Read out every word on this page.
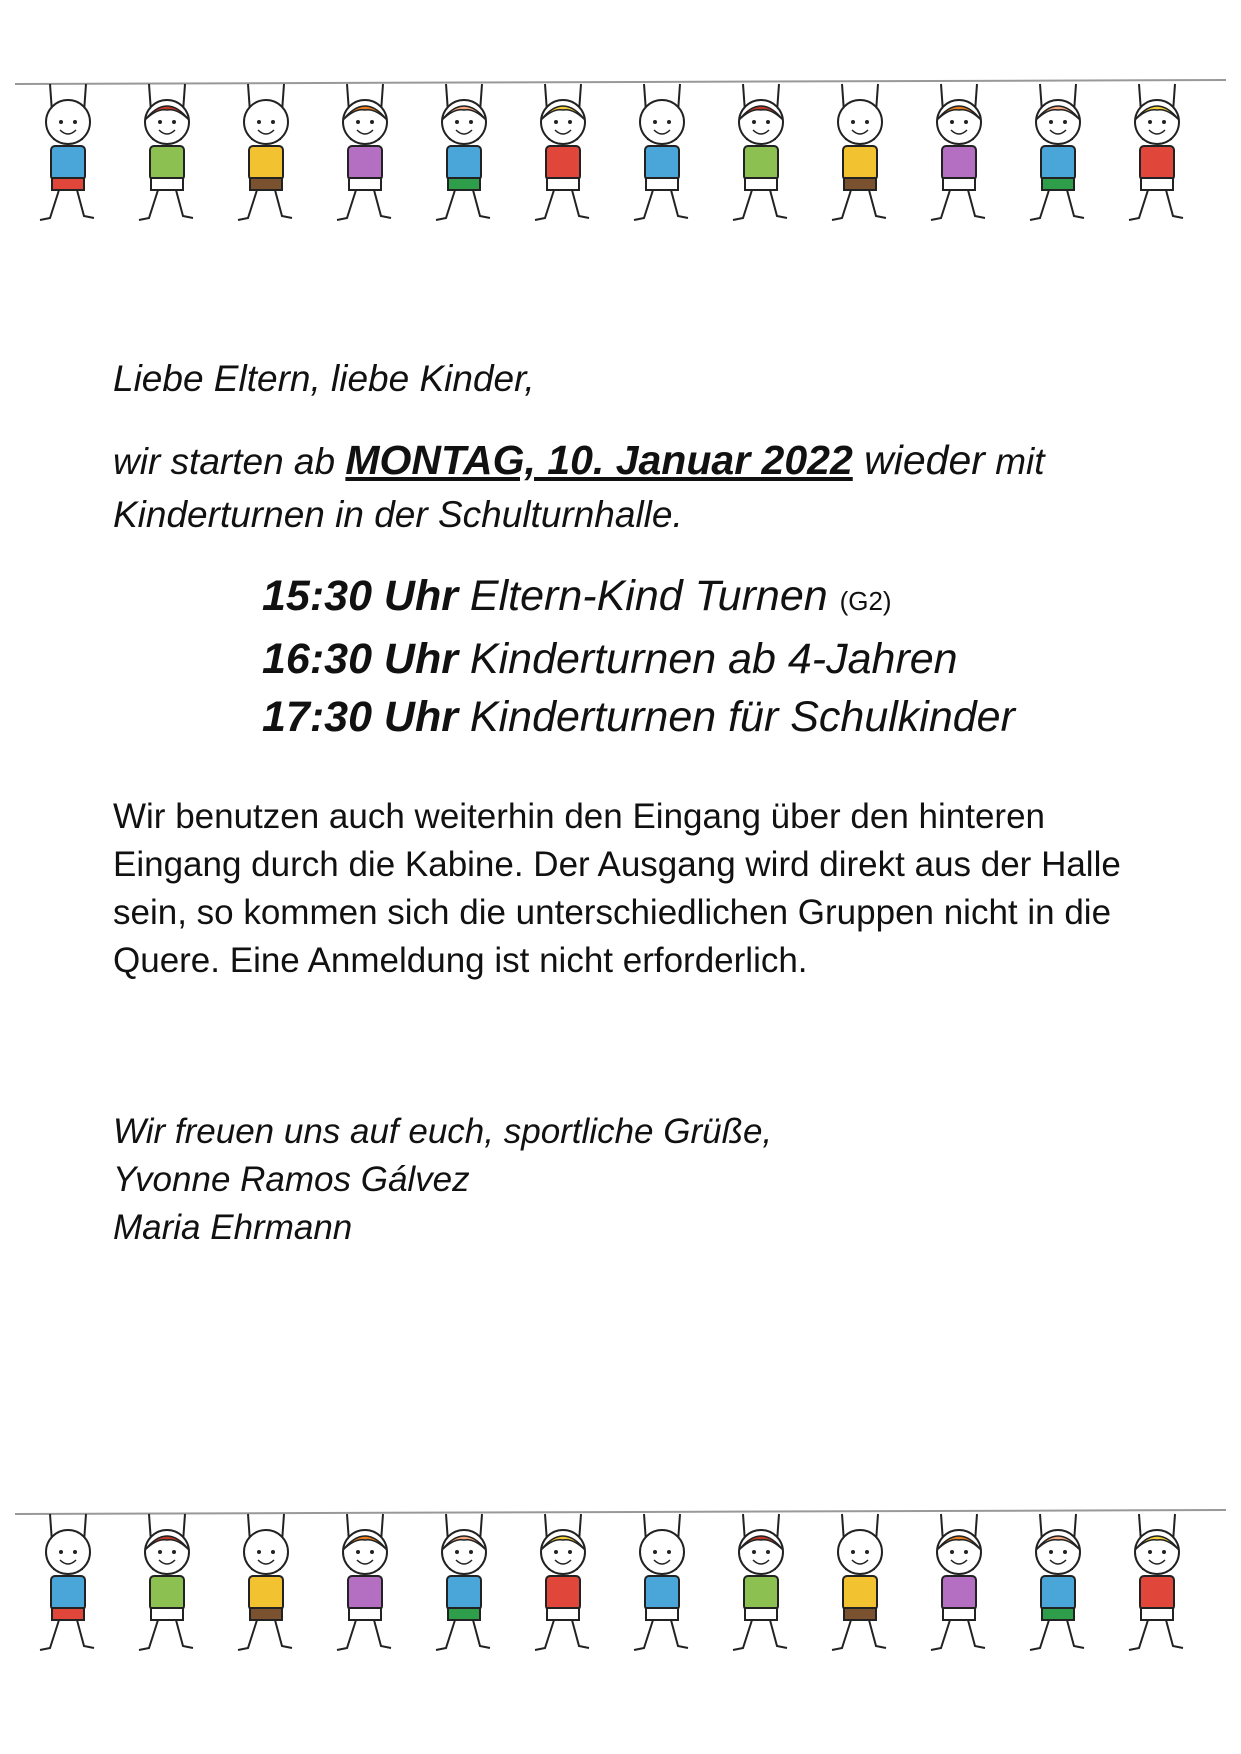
Liebe Eltern, liebe Kinder,
wir starten ab MONTAG, 10. Januar 2022 wieder mit
Kinderturnen in der Schulturnhalle.
15:30 Uhr Eltern-Kind Turnen (G2)
16:30 Uhr Kinderturnen ab 4-Jahren
17:30 Uhr Kinderturnen für Schulkinder
Wir benutzen auch weiterhin den Eingang über den hinteren
Eingang durch die Kabine. Der Ausgang wird direkt aus der Halle
sein, so kommen sich die unterschiedlichen Gruppen nicht in die
Quere. Eine Anmeldung ist nicht erforderlich.
Wir freuen uns auf euch, sportliche Grüße,
Yvonne Ramos Gálvez
Maria Ehrmann
